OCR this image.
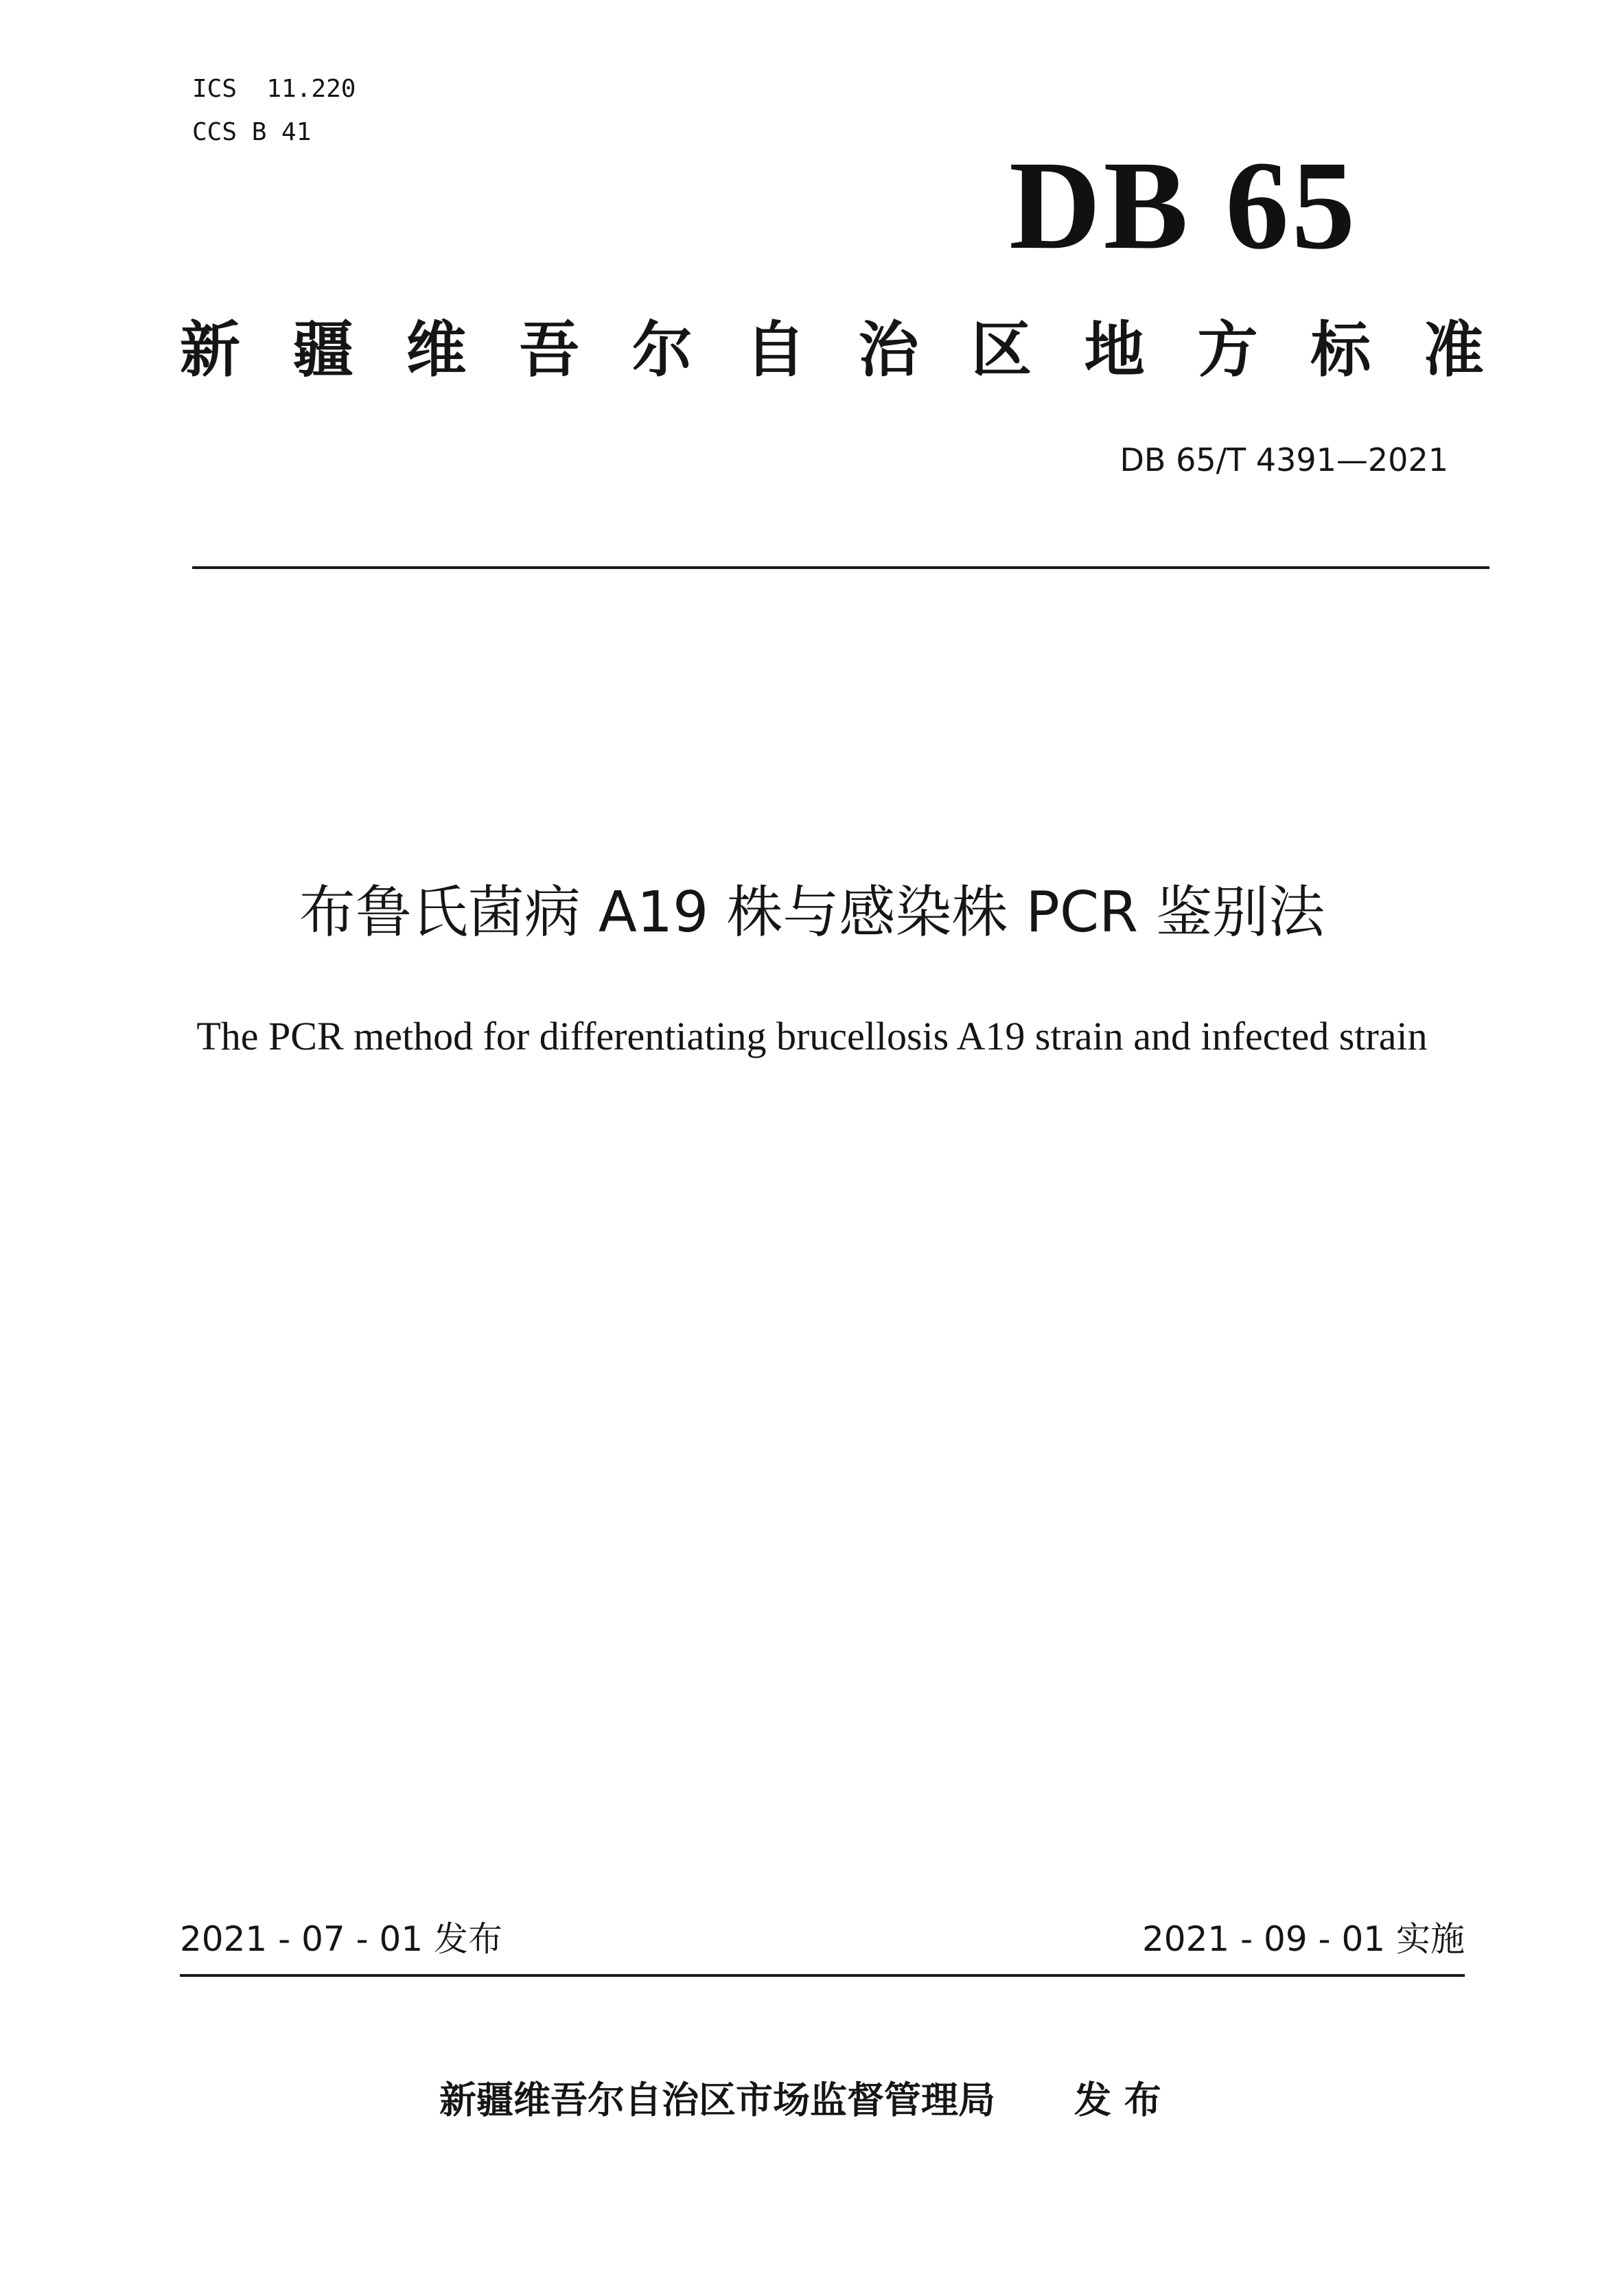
ICS  11.220
CCS B 41
DB 65
新 疆 维 吾 尔 自 治 区 地 方 标 准
DB 65/T 4391—2021
布鲁氏菌病 A19 株与感染株 PCR 鉴别法
The PCR method for differentiating brucellosis A19 strain and infected strain
2021 - 07 - 01 发布	2021 - 09 - 01 实施
新疆维吾尔自治区市场监督管理局 发 布
